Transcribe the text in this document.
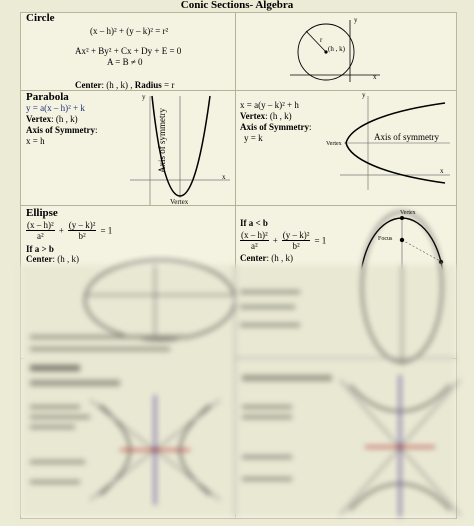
Conic Sections- Algebra
Circle
(x – h)² + (y – k)² = r²
Ax² + By² + Cx + Dy + E = 0
A = B ≠ 0
Center: (h , k) , Radius = r
y
x
r
(h , k)
Parabola
y = a(x – h)² + k
Vertex: (h , k)
Axis of Symmetry:
x = h
y
x
Axis of symmetry
Vertex
x = a(y – k)² + h
Vertex: (h , k)
Axis of Symmetry:
y = k
y
x
Axis of symmetry
Vertex
Ellipse
$\frac{\text{(x – h)²}}{\text{a²}} + \frac{\text{(y – k)²}}{\text{b²}} = 1$
If a > b
Center: (h , k)
If a < b
$\frac{\text{(x – h)²}}{\text{a²}} + \frac{\text{(y – k)²}}{\text{b²}} = 1$
Center: (h , k)
Vertex
Focus
